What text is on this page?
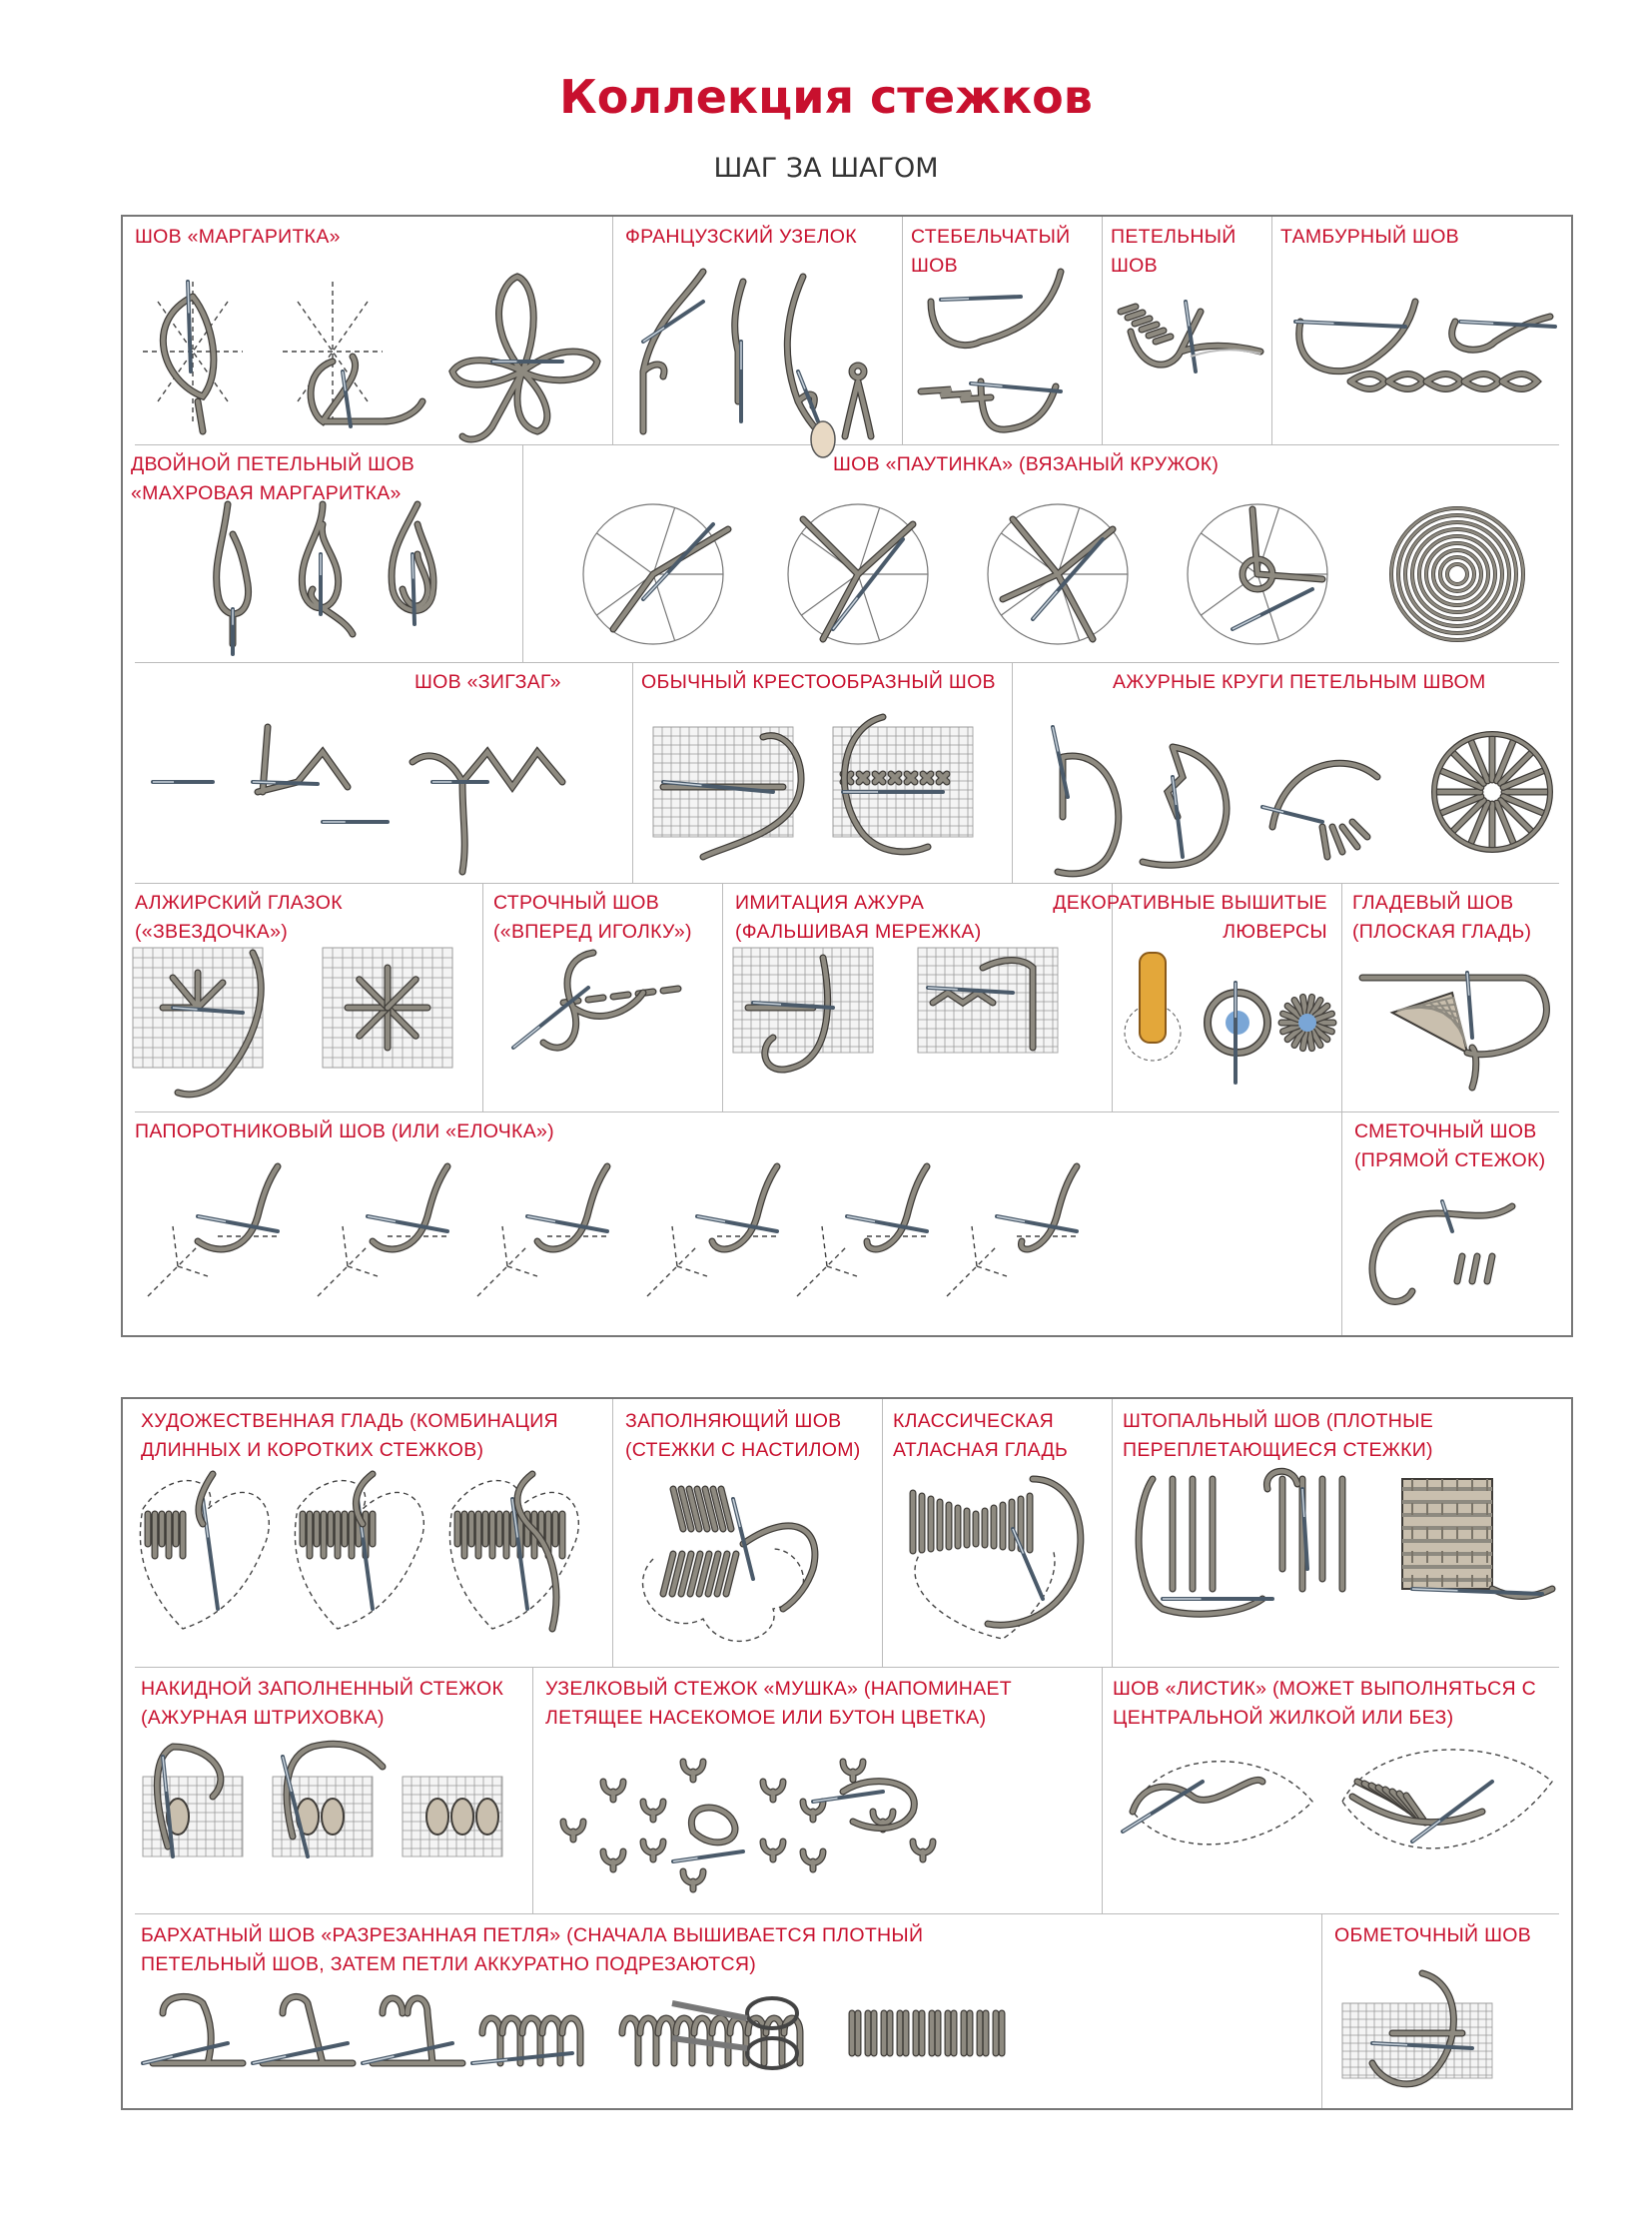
Коллекция стежков
ШАГ ЗА ШАГОМ
ШОВ «МАРГАРИТКА»	ФРАНЦУЗСКИЙ УЗЕЛОК	СТЕБЕЛЬЧАТЫЙ
ШОВ
ПЕТЕЛЬНЫЙ
ШОВ
ТАМБУРНЫЙ ШОВ
ДВОЙНОЙ ПЕТЕЛЬНЫЙ ШОВ
«МАХРОВАЯ МАРГАРИТКА»
ШОВ «ПАУТИНКА» (ВЯЗАНЫЙ КРУЖОК)
ШОВ «ЗИГЗАГ»	ОБЫЧНЫЙ КРЕСТООБРАЗНЫЙ ШОВ	АЖУРНЫЕ КРУГИ ПЕТЕЛЬНЫМ ШВОМ
АЛЖИРСКИЙ ГЛАЗОК
(«ЗВЕЗДОЧКА»)
СТРОЧНЫЙ ШОВ
(«ВПЕРЕД ИГОЛКУ»)
ИМИТАЦИЯ АЖУРА
(ФАЛЬШИВАЯ МЕРЕЖКА)
ДЕКОРАТИВНЫЕ ВЫШИТЫЕ
ЛЮВЕРСЫ
ГЛАДЕВЫЙ ШОВ
(ПЛОСКАЯ ГЛАДЬ)
ПАПОРОТНИКОВЫЙ ШОВ (ИЛИ «ЕЛОЧКА»)	СМЕТОЧНЫЙ ШОВ
(ПРЯМОЙ СТЕЖОК)
ХУДОЖЕСТВЕННАЯ ГЛАДЬ (КОМБИНАЦИЯ
ДЛИННЫХ И КОРОТКИХ СТЕЖКОВ)
ЗАПОЛНЯЮЩИЙ ШОВ
(СТЕЖКИ С НАСТИЛОМ)
КЛАССИЧЕСКАЯ
АТЛАСНАЯ ГЛАДЬ
ШТОПАЛЬНЫЙ ШОВ (ПЛОТНЫЕ
ПЕРЕПЛЕТАЮЩИЕСЯ СТЕЖКИ)
НАКИДНОЙ ЗАПОЛНЕННЫЙ СТЕЖОК
(АЖУРНАЯ ШТРИХОВКА)
УЗЕЛКОВЫЙ СТЕЖОК «МУШКА» (НАПОМИНАЕТ
ЛЕТЯЩЕЕ НАСЕКОМОЕ ИЛИ БУТОН ЦВЕТКА)
ШОВ «ЛИСТИК» (МОЖЕТ ВЫПОЛНЯТЬСЯ С
ЦЕНТРАЛЬНОЙ ЖИЛКОЙ ИЛИ БЕЗ)
БАРХАТНЫЙ ШОВ «РАЗРЕЗАННАЯ ПЕТЛЯ» (СНАЧАЛА ВЫШИВАЕТСЯ ПЛОТНЫЙ
ПЕТЕЛЬНЫЙ ШОВ, ЗАТЕМ ПЕТЛИ АККУРАТНО ПОДРЕЗАЮТСЯ)
ОБМЕТОЧНЫЙ ШОВ
